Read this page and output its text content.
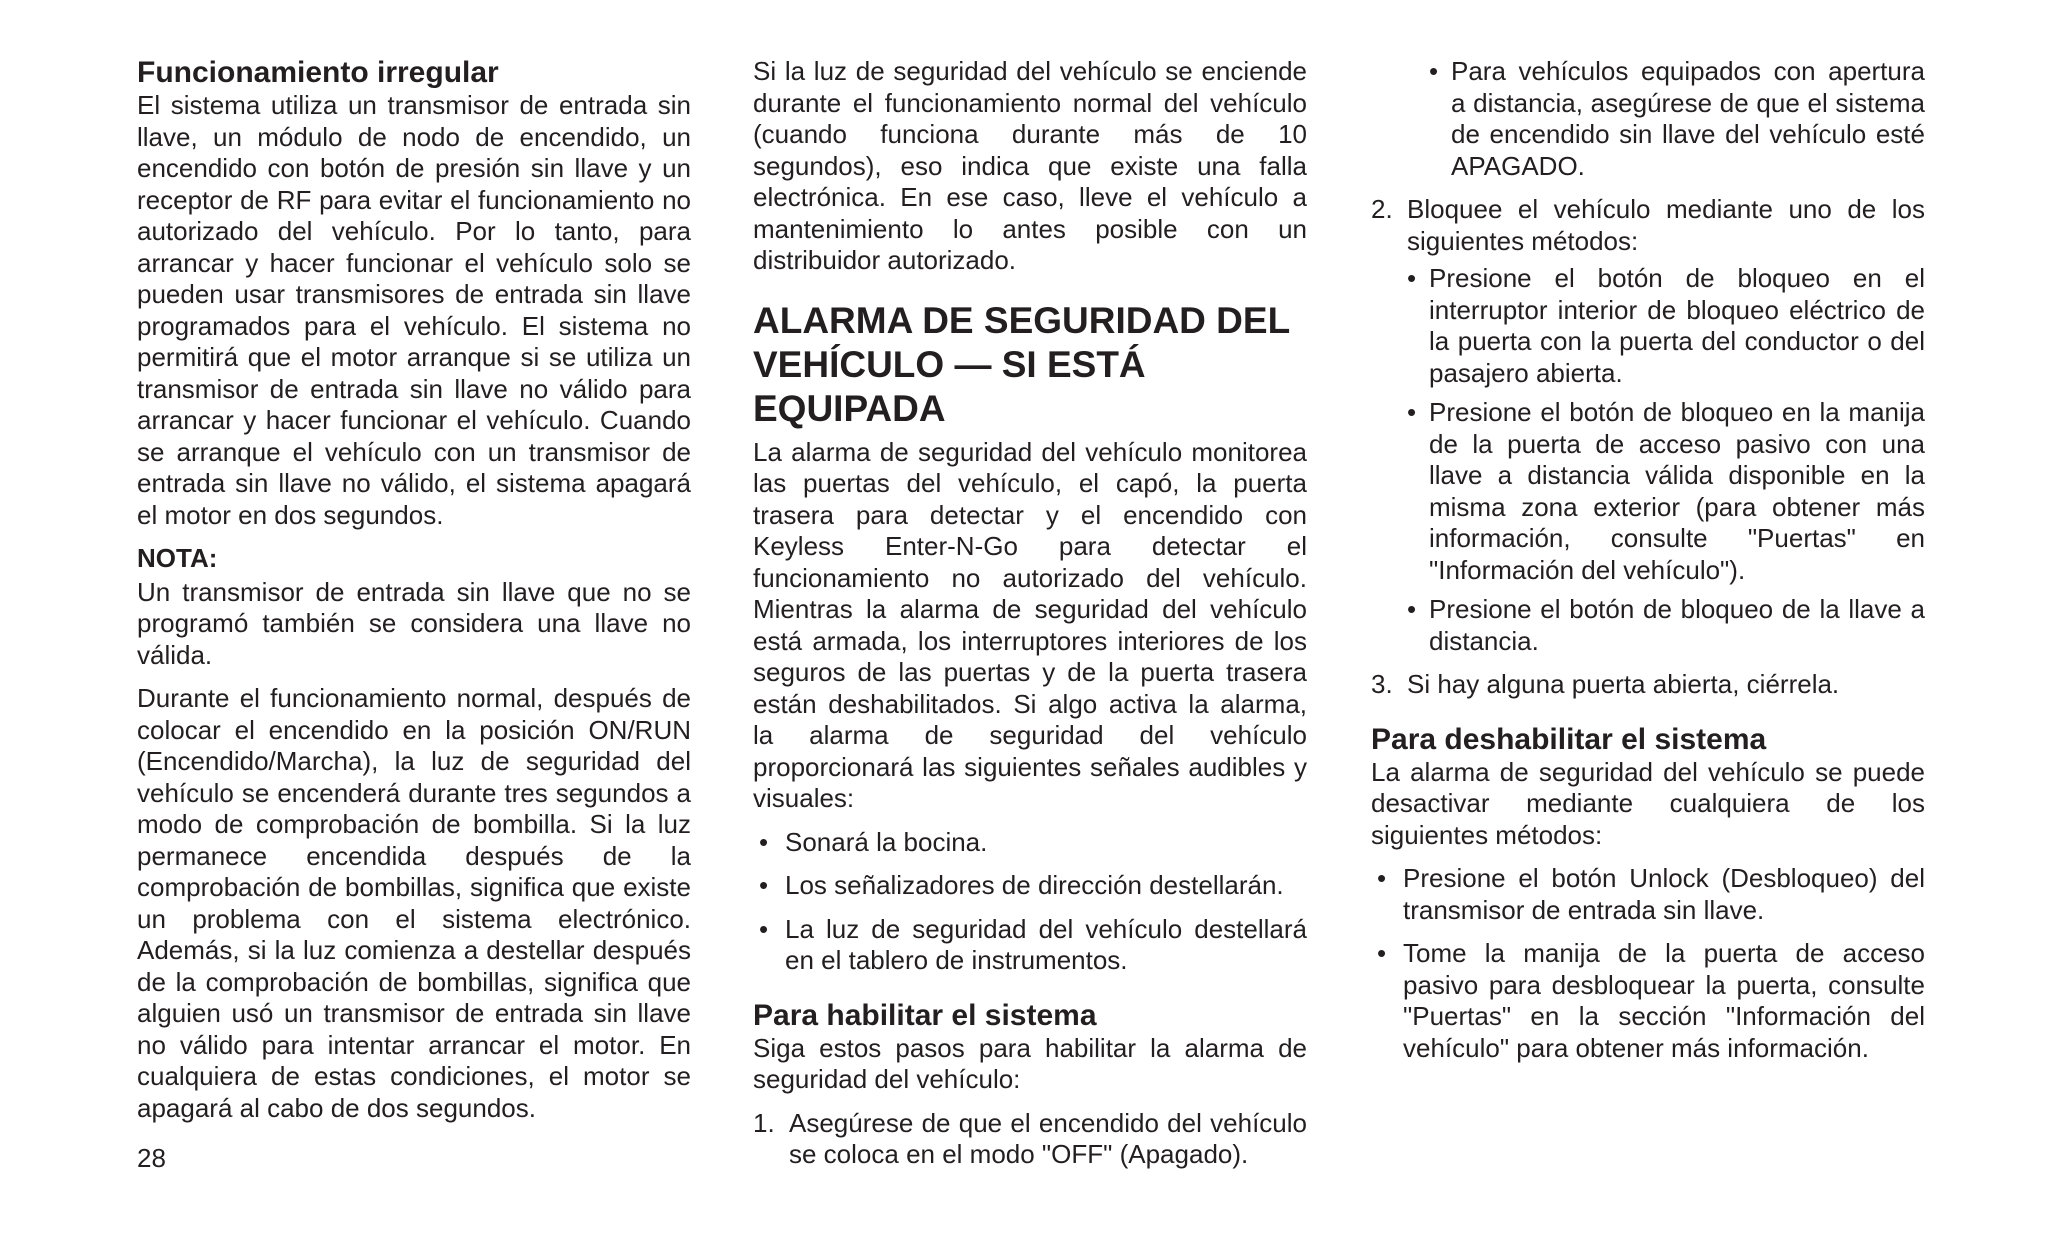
Funcionamiento irregular

El sistema utiliza un transmisor de entrada sin llave, un módulo de nodo de encendido, un encendido con botón de presión sin llave y un receptor de RF para evitar el funcionamiento no autorizado del vehículo. Por lo tanto, para arrancar y hacer funcionar el vehículo solo se pueden usar transmisores de entrada sin llave programados para el vehículo. El sistema no permitirá que el motor arranque si se utiliza un transmisor de entrada sin llave no válido para arrancar y hacer funcionar el vehículo. Cuando se arranque el vehículo con un transmisor de entrada sin llave no válido, el sistema apagará el motor en dos segundos.

NOTA:

Un transmisor de entrada sin llave que no se programó también se considera una llave no válida.

Durante el funcionamiento normal, después de colocar el encendido en la posición ON/RUN (Encendido/Marcha), la luz de seguridad del vehículo se encenderá durante tres segundos a modo de comprobación de bombilla. Si la luz permanece encendida después de la comprobación de bombillas, significa que existe un problema con el sistema electrónico. Además, si la luz comienza a destellar después de la comprobación de bombillas, significa que alguien usó un transmisor de entrada sin llave no válido para intentar arrancar el motor. En cualquiera de estas condiciones, el motor se apagará al cabo de dos segundos.

Si la luz de seguridad del vehículo se enciende durante el funcionamiento normal del vehículo (cuando funciona durante más de 10 segundos), eso indica que existe una falla electrónica. En ese caso, lleve el vehículo a mantenimiento lo antes posible con un distribuidor autorizado.

ALARMA DE SEGURIDAD DEL VEHÍCULO — SI ESTÁ EQUIPADA

La alarma de seguridad del vehículo monitorea las puertas del vehículo, el capó, la puerta trasera para detectar y el encendido con Keyless Enter-N-Go para detectar el funcionamiento no autorizado del vehículo. Mientras la alarma de seguridad del vehículo está armada, los interruptores interiores de los seguros de las puertas y de la puerta trasera están deshabilitados. Si algo activa la alarma, la alarma de seguridad del vehículo proporcionará las siguientes señales audibles y visuales:

• Sonará la bocina.
• Los señalizadores de dirección destellarán.
• La luz de seguridad del vehículo destellará en el tablero de instrumentos.
Para habilitar el sistema

Siga estos pasos para habilitar la alarma de seguridad del vehículo:

1. Asegúrese de que el encendido del vehículo se coloca en el modo "OFF" (Apagado).
• Para vehículos equipados con apertura a distancia, asegúrese de que el sistema de encendido sin llave del vehículo esté APAGADO.
2. Bloquee el vehículo mediante uno de los siguientes métodos:
• Presione el botón de bloqueo en el interruptor interior de bloqueo eléctrico de la puerta con la puerta del conductor o del pasajero abierta.
• Presione el botón de bloqueo en la manija de la puerta de acceso pasivo con una llave a distancia válida disponible en la misma zona exterior (para obtener más información, consulte "Puertas" en "Información del vehículo").
• Presione el botón de bloqueo de la llave a distancia.
3. Si hay alguna puerta abierta, ciérrela.
Para deshabilitar el sistema

La alarma de seguridad del vehículo se puede desactivar mediante cualquiera de los siguientes métodos:

• Presione el botón Unlock (Desbloqueo) del transmisor de entrada sin llave.
• Tome la manija de la puerta de acceso pasivo para desbloquear la puerta, consulte "Puertas" en la sección "Información del vehículo" para obtener más información.
28
